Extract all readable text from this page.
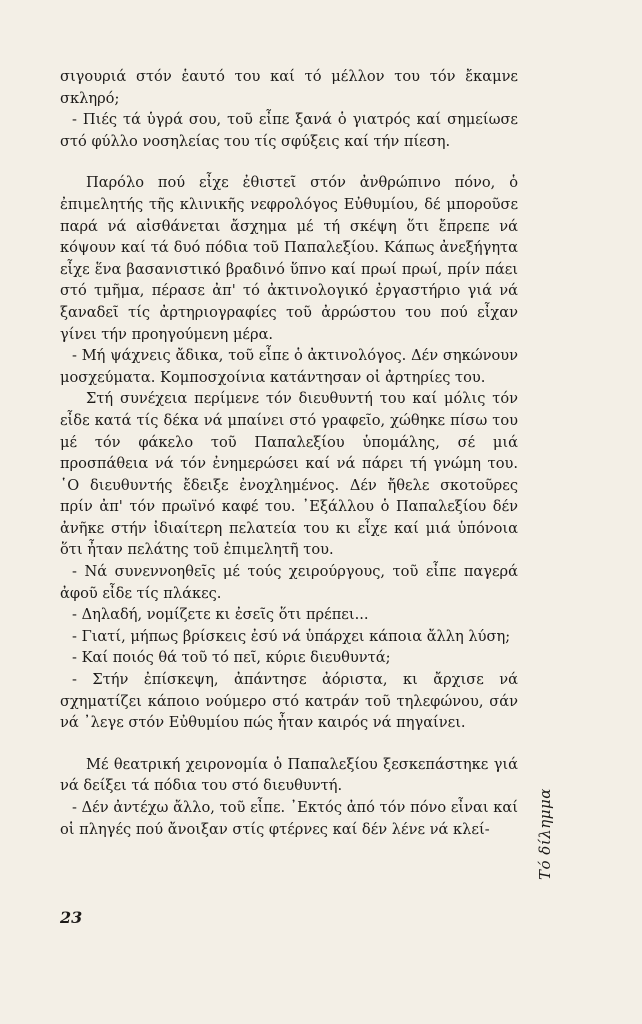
σιγουριά στόν ἑαυτό του καί τό μέλλον του τόν ἔκαμνε σκληρό;

- Πιές τά ὑγρά σου, τοῦ εἶπε ξανά ὁ γιατρός καί σημείωσε στό φύλλο νοσηλείας του τίς σφύξεις καί τήν πίεση.

Παρόλο πού εἶχε ἐθιστεῖ στόν ἀνθρώπινο πόνο, ὁ ἐπιμελητής τῆς κλινικῆς νεφρολόγος Εὐθυμίου, δέ μποροῦσε παρά νά αἰσθάνεται ἄσχημα μέ τή σκέψη ὅτι ἔπρεπε νά κόψουν καί τά δυό πόδια τοῦ Παπαλεξίου. Κάπως ἀνεξήγητα εἶχε ἕνα βασανιστικό βραδινό ὕπνο καί πρωί πρωί, πρίν πάει στό τμῆμα, πέρασε ἀπ' τό ἀκτινολογικό ἐργαστήριο γιά νά ξαναδεῖ τίς ἀρτηριογραφίες τοῦ ἀρρώστου του πού εἶχαν γίνει τήν προηγούμενη μέρα.

- Μή ψάχνεις ἄδικα, τοῦ εἶπε ὁ ἀκτινολόγος. Δέν σηκώνουν μοσχεύματα. Κομποσχοίνια κατάντησαν οἱ ἀρτηρίες του.

Στή συνέχεια περίμενε τόν διευθυντή του καί μόλις τόν εἶδε κατά τίς δέκα νά μπαίνει στό γραφεῖο, χώθηκε πίσω του μέ τόν φάκελο τοῦ Παπαλεξίου ὑπομάλης, σέ μιά προσπάθεια νά τόν ἐνημερώσει καί νά πάρει τή γνώμη του. ῾Ο διευθυντής ἔδειξε ἐνοχλημένος. Δέν ἤθελε σκοτοῦρες πρίν ἀπ' τόν πρωϊνό καφέ του. ᾿Εξάλλου ὁ Παπαλεξίου δέν ἀνῆκε στήν ἰδιαίτερη πελατεία του κι εἶχε καί μιά ὑπόνοια ὅτι ἦταν πελάτης τοῦ ἐπιμελητῆ του.

- Νά συνεννοηθεῖς μέ τούς χειρούργους, τοῦ εἶπε παγερά ἀφοῦ εἶδε τίς πλάκες.

- Δηλαδή, νομίζετε κι ἐσεῖς ὅτι πρέπει...

- Γιατί, μήπως βρίσκεις ἐσύ νά ὑπάρχει κάποια ἄλλη λύση;

- Καί ποιός θά τοῦ τό πεῖ, κύριε διευθυντά;

- Στήν ἐπίσκεψη, ἀπάντησε ἀόριστα, κι ἄρχισε νά σχηματίζει κάποιο νούμερο στό κατράν τοῦ τηλεφώνου, σάν νά ᾿λεγε στόν Εὐθυμίου πώς ἦταν καιρός νά πηγαίνει.

Μέ θεατρική χειρονομία ὁ Παπαλεξίου ξεσκεπάστηκε γιά νά δείξει τά πόδια του στό διευθυντή.

- Δέν ἀντέχω ἄλλο, τοῦ εἶπε. ᾿Εκτός ἀπό τόν πόνο εἶναι καί οἱ πληγές πού ἄνοιξαν στίς φτέρνες καί δέν λένε νά κλεί-	Τό δίλημμα
23
